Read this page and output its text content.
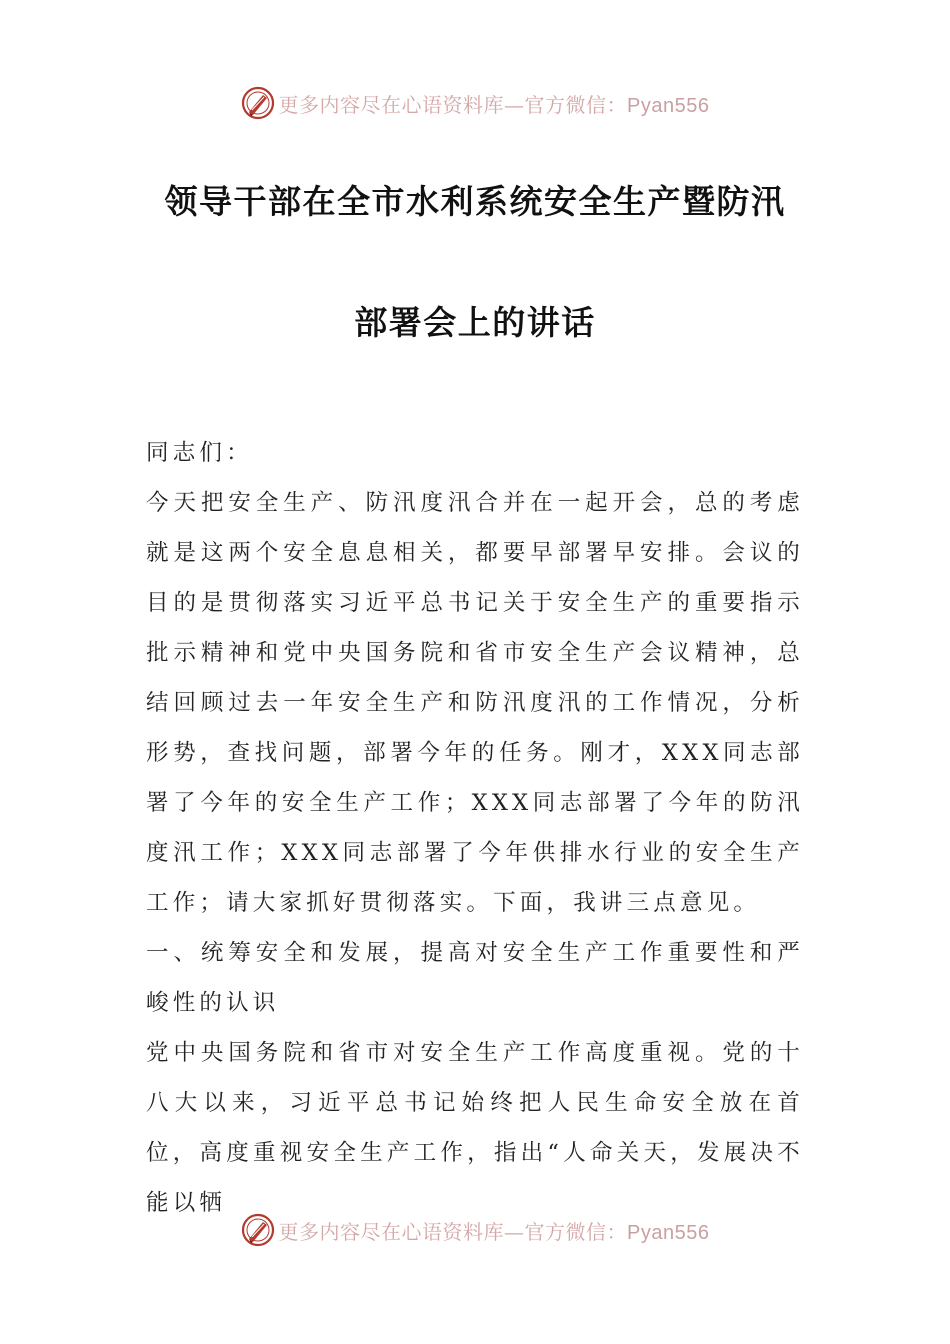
更多内容尽在心语资料库—官方微信：Pyan556
领导干部在全市水利系统安全生产暨防汛
部署会上的讲话

同志们：

今天把安全生产、防汛度汛合并在一起开会，总的考虑就是这两个安全息息相关，都要早部署早安排。会议的目的是贯彻落实习近平总书记关于安全生产的重要指示批示精神和党中央国务院和省市安全生产会议精神，总结回顾过去一年安全生产和防汛度汛的工作情况，分析形势，查找问题，部署今年的任务。刚才，XXX同志部署了今年的安全生产工作；XXX同志部署了今年的防汛度汛工作；XXX同志部署了今年供排水行业的安全生产工作；请大家抓好贯彻落实。下面，我讲三点意见。

一、统筹安全和发展，提高对安全生产工作重要性和严峻性的认识

党中央国务院和省市对安全生产工作高度重视。党的十八大以来，习近平总书记始终把人民生命安全放在首位，高度重视安全生产工作，指出“人命关天，发展决不能以牺

更多内容尽在心语资料库—官方微信：Pyan556
